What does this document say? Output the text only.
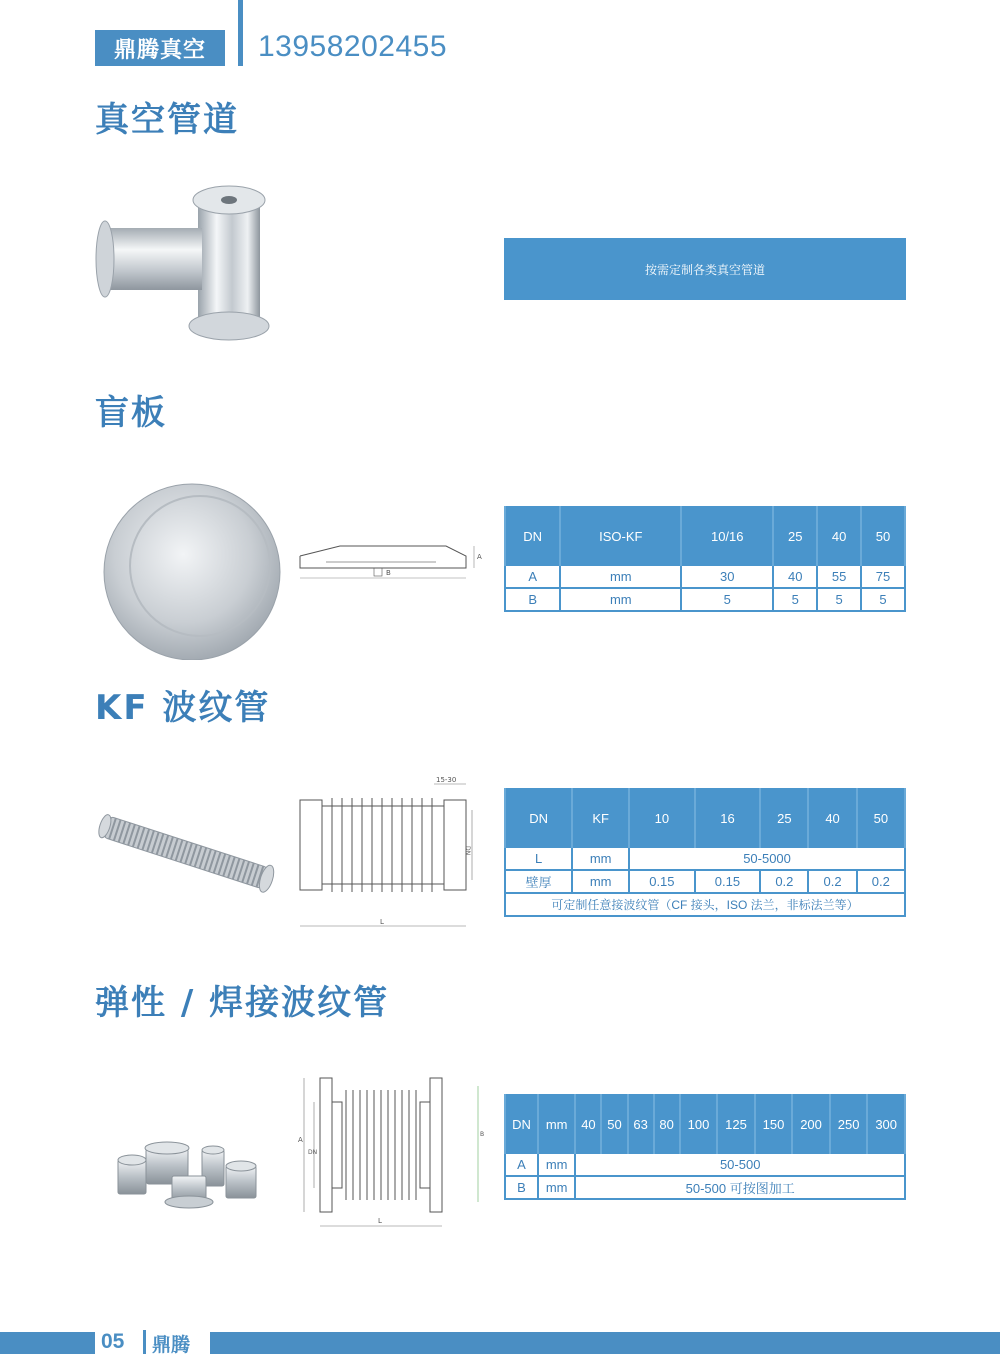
鼎腾真空	13958202455
真空管道
按需定制各类真空管道
盲板
B
A
DN	ISO-KF	10/16	25	40	50
A	mm	30	40	55	75
B	mm	5	5	5	5
KF 波纹管
15-30
DN
L
DN	KF	10	16	25	40	50
L	mm	50-5000				
壁厚	mm	0.15	0.15	0.2	0.2	0.2
可定制任意接波纹管（CF 接头，ISO 法兰，非标法兰等）						
弹性 / 焊接波纹管
A
DN
B
L
DN	mm	40	50	63	80	100	125	150	200	250	300
A	mm	50-500									
B	mm	50-500 可按图加工									
05 鼎腾
